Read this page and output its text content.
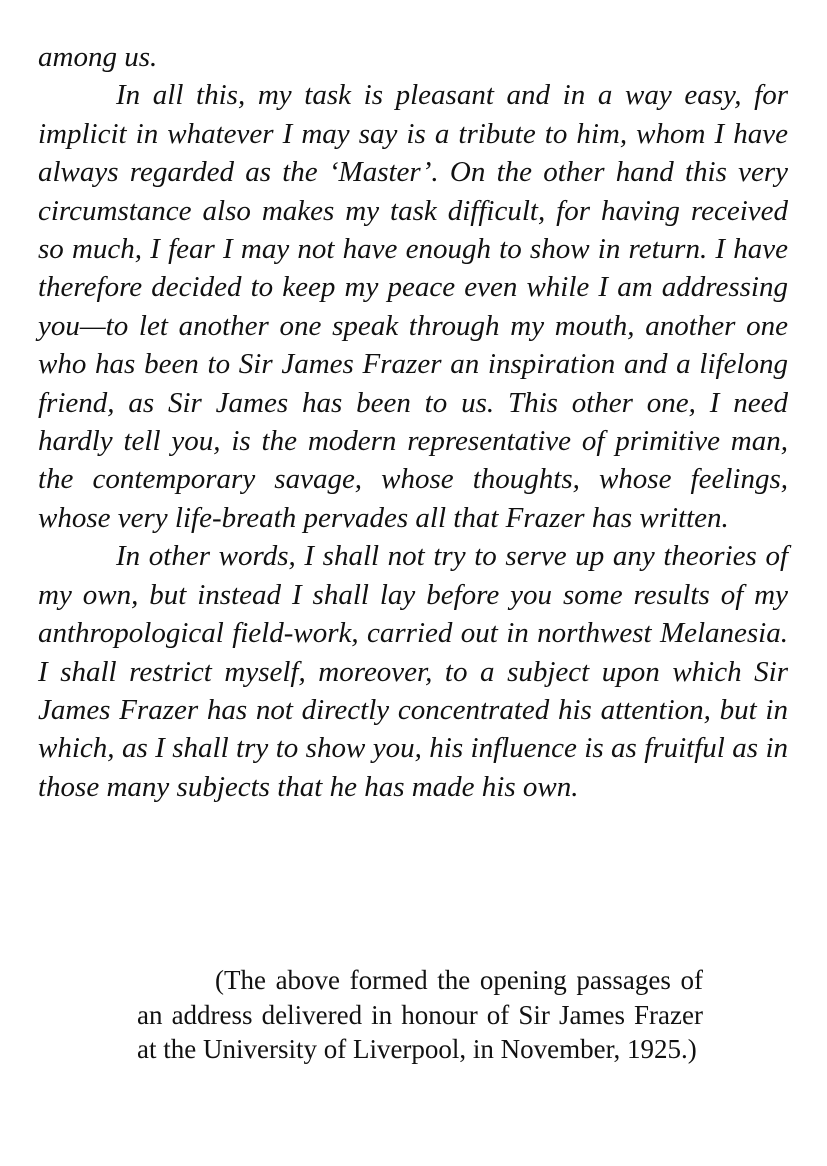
among us.

In all this, my task is pleasant and in a way easy, for implicit in whatever I may say is a tribute to him, whom I have always regarded as the ‘Master’. On the other hand this very circumstance also makes my task difficult, for having received so much, I fear I may not have enough to show in return. I have therefore decided to keep my peace even while I am addressing you—to let another one speak through my mouth, another one who has been to Sir James Frazer an inspiration and a lifelong friend, as Sir James has been to us. This other one, I need hardly tell you, is the modern representative of primitive man, the contemporary savage, whose thoughts, whose feelings, whose very life-breath pervades all that Frazer has written.

In other words, I shall not try to serve up any theories of my own, but instead I shall lay before you some results of my anthropological field-work, carried out in northwest Melanesia. I shall restrict myself, moreover, to a subject upon which Sir James Frazer has not directly concentrated his attention, but in which, as I shall try to show you, his influence is as fruitful as in those many subjects that he has made his own.

(The above formed the opening passages of an address delivered in honour of Sir James Frazer at the University of Liverpool, in November, 1925.)
